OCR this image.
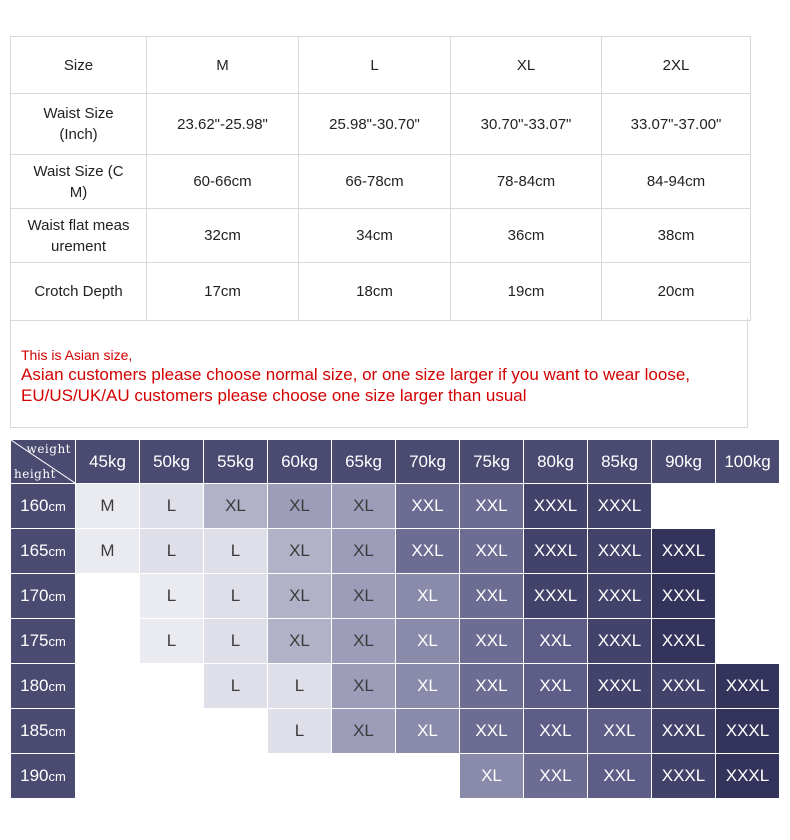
Size	M	L	XL	2XL
Waist Size
(Inch)	23.62"-25.98"	25.98"-30.70"	30.70"-33.07"	33.07"-37.00"
Waist Size (C
M)	60-66cm	66-78cm	78-84cm	84-94cm
Waist flat meas
urement	32cm	34cm	36cm	38cm
Crotch Depth	17cm	18cm	19cm	20cm
This is Asian size,
Asian customers please choose normal size, or one size larger if you want to wear loose,
EU/US/UK/AU customers please choose one size larger than usual
weight
height	45kg	50kg	55kg	60kg	65kg	70kg	75kg	80kg	85kg	90kg	100kg
160cm	M	L	XL	XL	XL	XXL	XXL	XXXL	XXXL		
165cm	M	L	L	XL	XL	XXL	XXL	XXXL	XXXL	XXXL	
170cm		L	L	XL	XL	XL	XXL	XXXL	XXXL	XXXL	
175cm		L	L	XL	XL	XL	XXL	XXL	XXXL	XXXL	
180cm			L	L	XL	XL	XXL	XXL	XXXL	XXXL	XXXL
185cm				L	XL	XL	XXL	XXL	XXL	XXXL	XXXL
190cm							XL	XXL	XXL	XXXL	XXXL
